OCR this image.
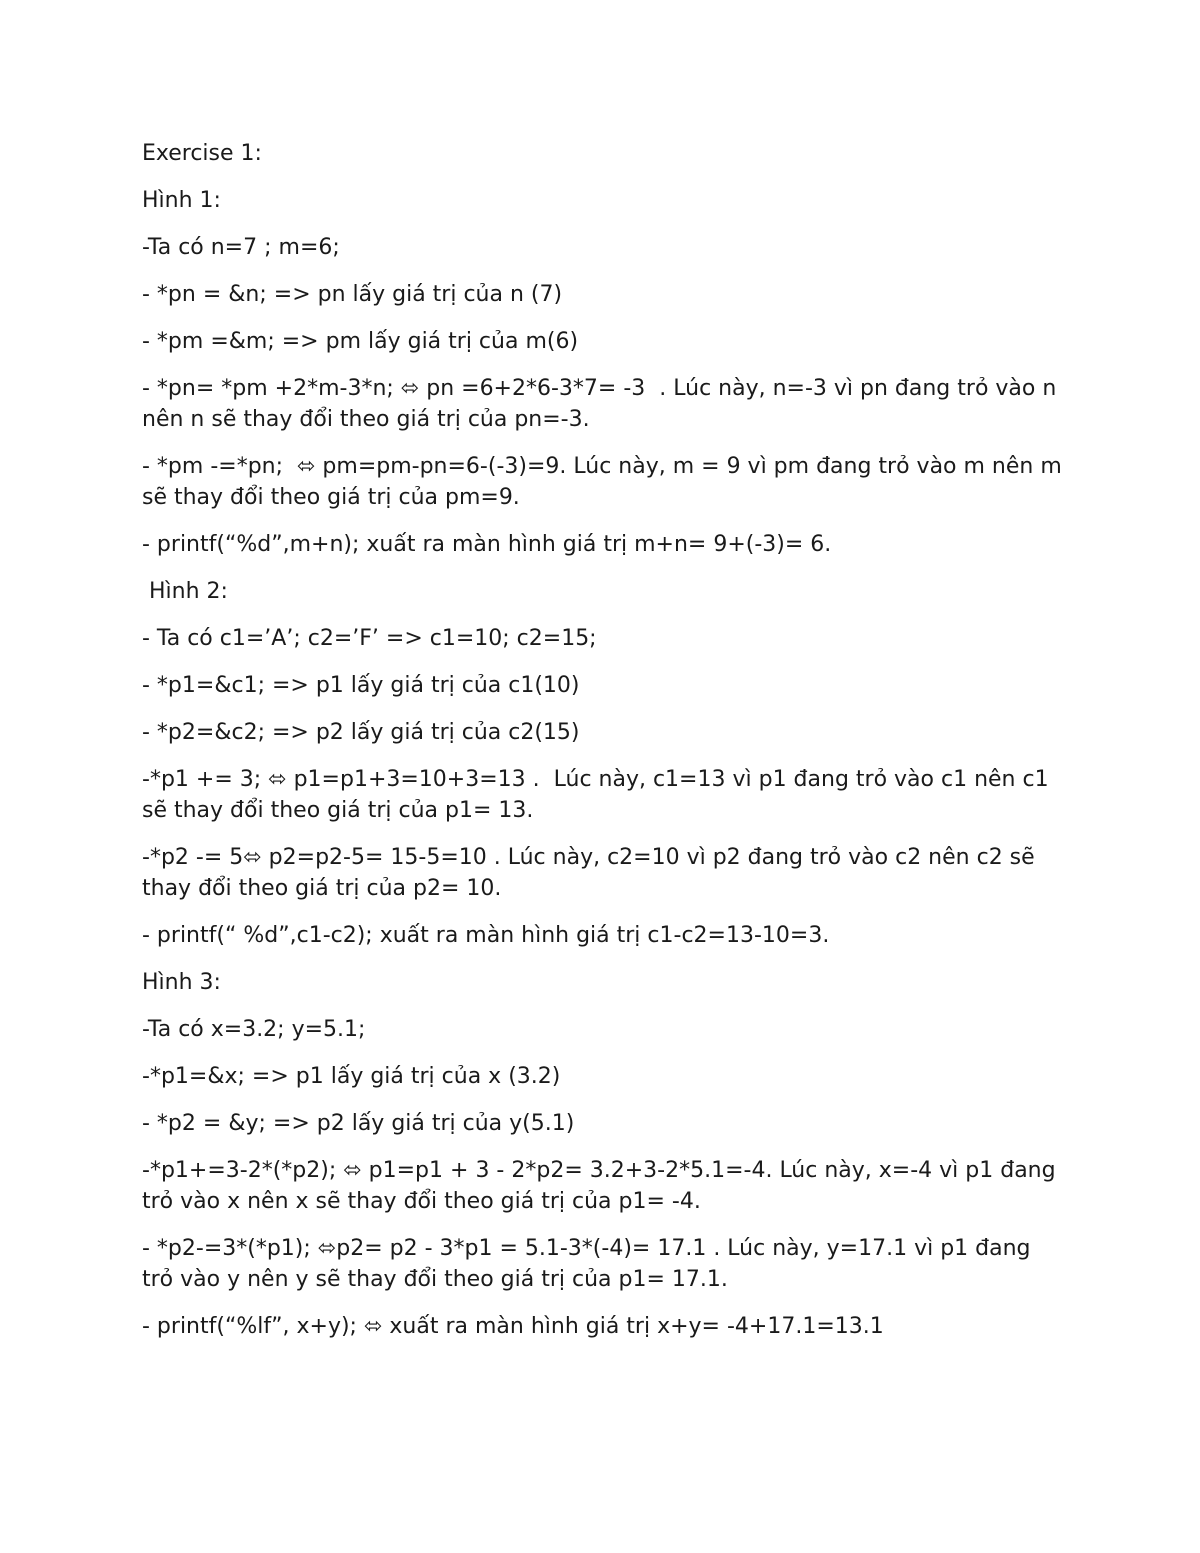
Exercise 1:

Hình 1:

-Ta có n=7 ; m=6;

- *pn = &n; => pn lấy giá trị của n (7)

- *pm =&m; => pm lấy giá trị của m(6)

- *pn= *pm +2*m-3*n; ⬄ pn =6+2*6-3*7= -3  . Lúc này, n=-3 vì pn đang trỏ vào n nên n sẽ thay đổi theo giá trị của pn=-3.

- *pm -=*pn;  ⬄ pm=pm-pn=6-(-3)=9. Lúc này, m = 9 vì pm đang trỏ vào m nên m sẽ thay đổi theo giá trị của pm=9.

- printf(“%d”,m+n); xuất ra màn hình giá trị m+n= 9+(-3)= 6.

Hình 2:

- Ta có c1=’A’; c2=’F’ => c1=10; c2=15;

- *p1=&c1; => p1 lấy giá trị của c1(10)

- *p2=&c2; => p2 lấy giá trị của c2(15)

-*p1 += 3; ⬄ p1=p1+3=10+3=13 .  Lúc này, c1=13 vì p1 đang trỏ vào c1 nên c1 sẽ thay đổi theo giá trị của p1= 13.

-*p2 -= 5⬄ p2=p2-5= 15-5=10 . Lúc này, c2=10 vì p2 đang trỏ vào c2 nên c2 sẽ thay đổi theo giá trị của p2= 10.

- printf(“ %d”,c1-c2); xuất ra màn hình giá trị c1-c2=13-10=3.

Hình 3:

-Ta có x=3.2; y=5.1;

-*p1=&x; => p1 lấy giá trị của x (3.2)

- *p2 = &y; => p2 lấy giá trị của y(5.1)

-*p1+=3-2*(*p2); ⬄ p1=p1 + 3 - 2*p2= 3.2+3-2*5.1=-4. Lúc này, x=-4 vì p1 đang trỏ vào x nên x sẽ thay đổi theo giá trị của p1= -4.

- *p2-=3*(*p1); ⬄p2= p2 - 3*p1 = 5.1-3*(-4)= 17.1 . Lúc này, y=17.1 vì p1 đang trỏ vào y nên y sẽ thay đổi theo giá trị của p1= 17.1.

- printf(“%lf”, x+y); ⬄ xuất ra màn hình giá trị x+y= -4+17.1=13.1
